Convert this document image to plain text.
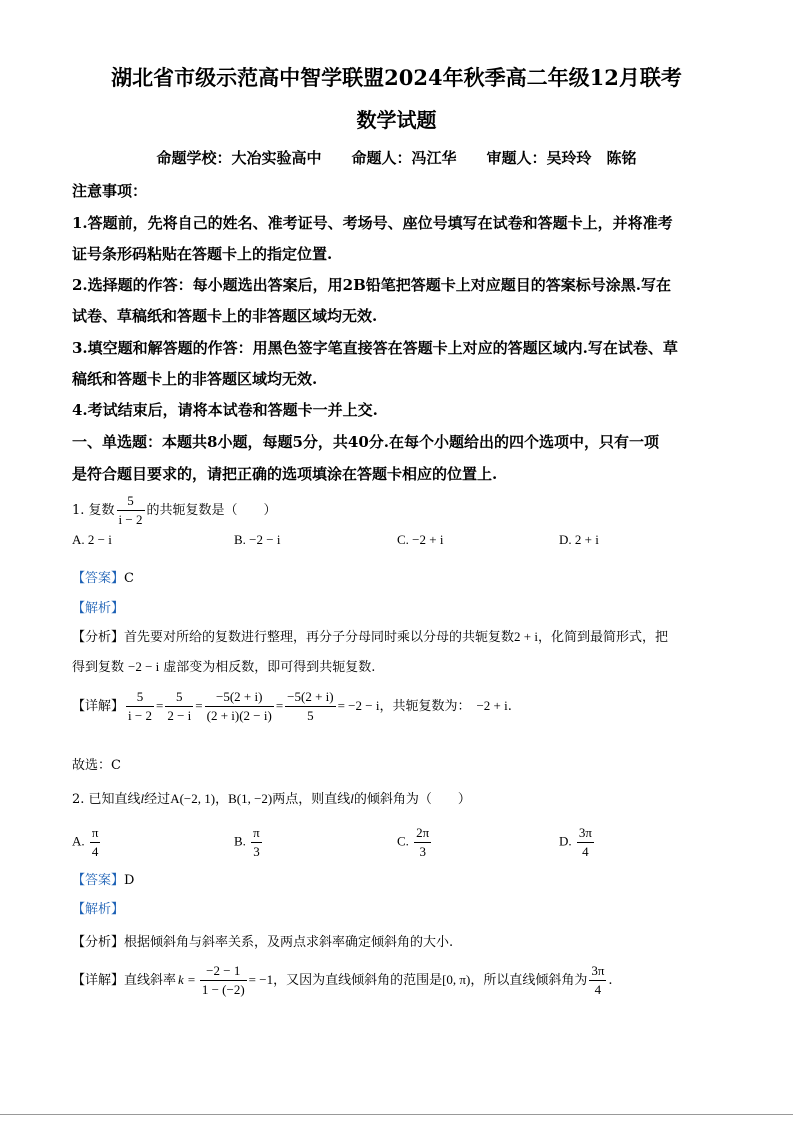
湖北省市级示范高中智学联盟2024年秋季高二年级12月联考
数学试题
命题学校：大冶实验高中　　命题人：冯江华　　审题人：吴玲玲　陈铭
注意事项：
1.答题前，先将自己的姓名、准考证号、考场号、座位号填写在试卷和答题卡上，并将准考
证号条形码粘贴在答题卡上的指定位置.
2.选择题的作答：每小题选出答案后，用2B铅笔把答题卡上对应题目的答案标号涂黑.写在
试卷、草稿纸和答题卡上的非答题区域均无效.
3.填空题和解答题的作答：用黑色签字笔直接答在答题卡上对应的答题区域内.写在试卷、草
稿纸和答题卡上的非答题区域均无效.
4.考试结束后，请将本试卷和答题卡一并上交.
一、单选题：本题共8小题，每题5分，共40分.在每个小题给出的四个选项中，只有一项
是符合题目要求的，请把正确的选项填涂在答题卡相应的位置上.
1. 复数 $\frac{5}{i - 2}$ 的共轭复数是（　　）
A. 2 − i	B. −2 − i	C. −2 + i	D. 2 + i
【答案】C
【解析】
【分析】首先要对所给的复数进行整理，再分子分母同时乘以分母的共轭复数2 + i，化简到最简形式，把
得到复数 −2 − i 虚部变为相反数，即可得到共轭复数.
【详解】 $\frac{5}{i - 2} = \frac{5}{2 - i} = \frac{-5(2 + i)}{(2 + i)(2 - i)} = \frac{-5(2 + i)}{5} = -2 - i$，共轭复数为： −2 + i.
故选：C
2. 已知直线l经过A(−2, 1)，B(1, −2)两点，则直线l的倾斜角为（　　）
A. $\frac{\pi}{4}$	B. $\frac{\pi}{3}$	C. $\frac{2\pi}{3}$	D. $\frac{3\pi}{4}$
【答案】D
【解析】
【分析】根据倾斜角与斜率关系，及两点求斜率确定倾斜角的大小.
【详解】直线斜率 $k = \frac{-2 - 1}{1 - (-2)} = -1$，又因为直线倾斜角的范围是[0, π)，所以直线倾斜角为 $\frac{3\pi}{4}$ .
